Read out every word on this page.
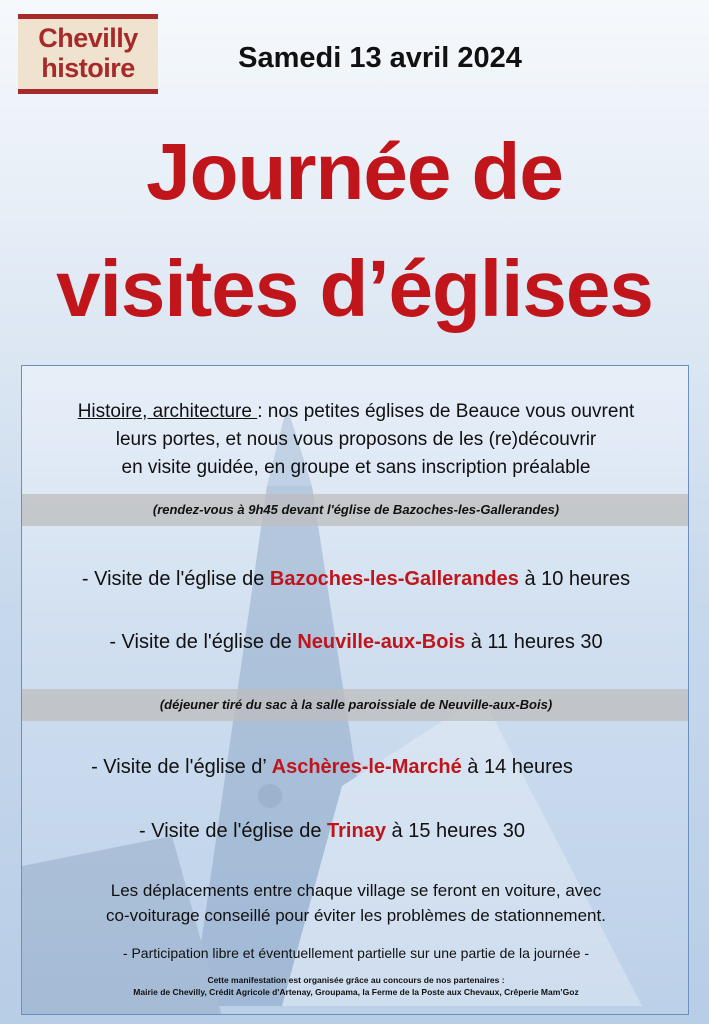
Chevilly
histoire	Samedi 13 avril 2024
Journée de
visites d’églises
Histoire, architecture : nos petites églises de Beauce vous ouvrent
leurs portes, et nous vous proposons de les (re)découvrir
en visite guidée, en groupe et sans inscription préalable
(rendez-vous à 9h45 devant l'église de Bazoches-les-Gallerandes)
- Visite de l'église de Bazoches-les-Gallerandes à 10 heures
- Visite de l'église de Neuville-aux-Bois à 11 heures 30
(déjeuner tiré du sac à la salle paroissiale de Neuville-aux-Bois)
- Visite de l'église d’ Aschères-le-Marché à 14 heures
- Visite de l'église de Trinay à 15 heures 30
Les déplacements entre chaque village se feront en voiture, avec
co-voiturage conseillé pour éviter les problèmes de stationnement.
- Participation libre et éventuellement partielle sur une partie de la journée -
Cette manifestation est organisée grâce au concours de nos partenaires :
Mairie de Chevilly, Crédit Agricole d'Artenay, Groupama, la Ferme de la Poste aux Chevaux, Crêperie Mam’Goz
